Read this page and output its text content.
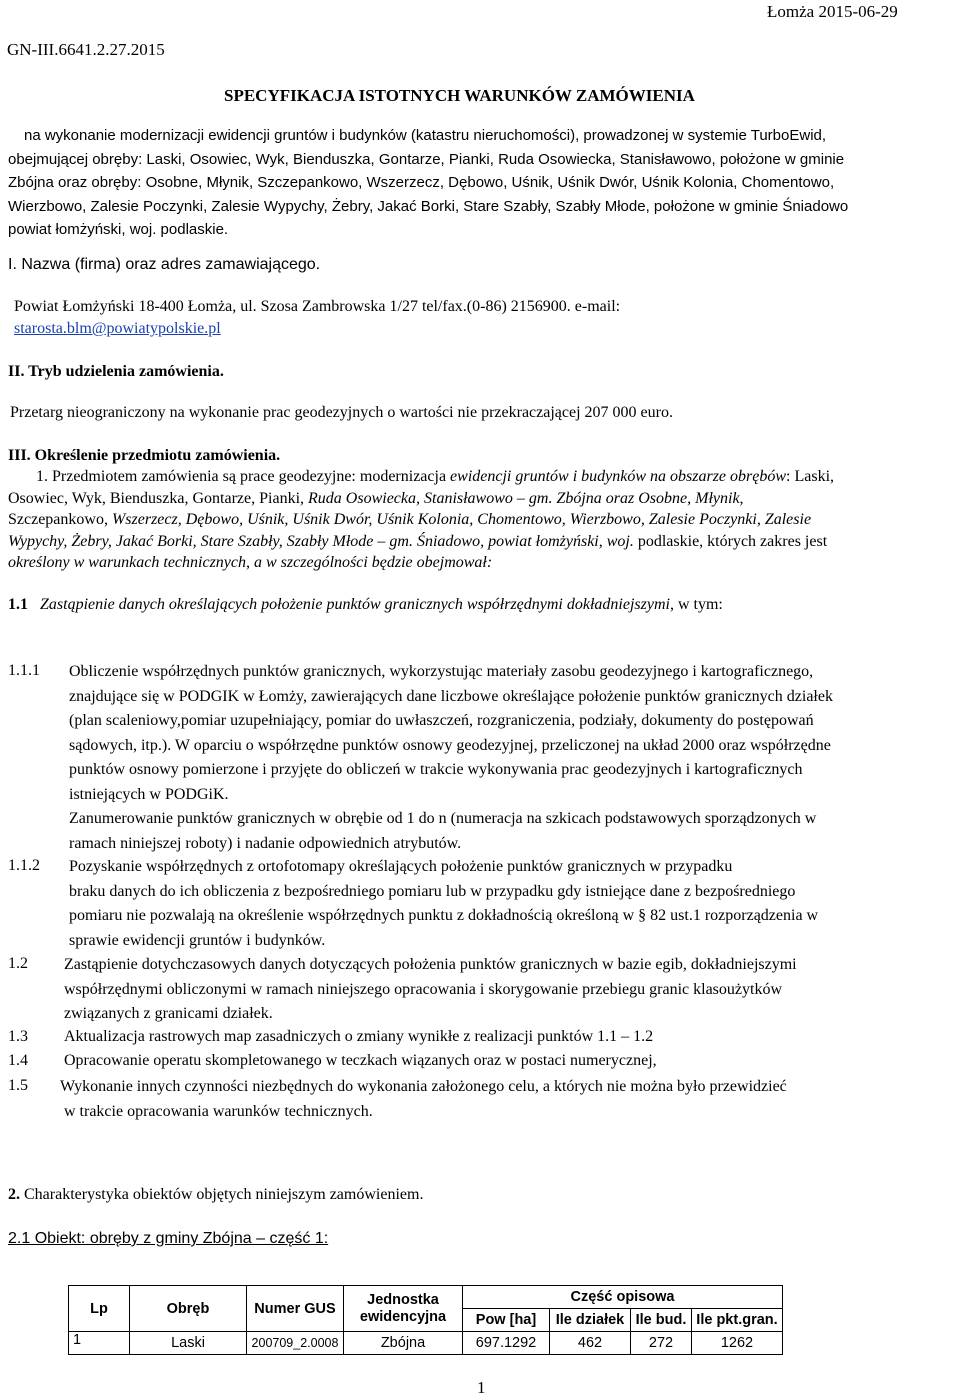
Łomża 2015-06-29
GN-III.6641.2.27.2015
SPECYFIKACJA ISTOTNYCH WARUNKÓW ZAMÓWIENIA
na wykonanie modernizacji ewidencji gruntów i budynków (katastru nieruchomości), prowadzonej w systemie TurboEwid,
obejmującej obręby: Laski, Osowiec, Wyk, Bienduszka, Gontarze, Pianki, Ruda Osowiecka, Stanisławowo, położone w gminie
Zbójna oraz obręby: Osobne, Młynik, Szczepankowo, Wszerzecz, Dębowo, Uśnik, Uśnik Dwór, Uśnik Kolonia, Chomentowo,
Wierzbowo, Zalesie Poczynki, Zalesie Wypychy, Żebry, Jakać Borki, Stare Szabły, Szabły Młode, położone w gminie Śniadowo
powiat łomżyński, woj. podlaskie.
I. Nazwa (firma) oraz adres zamawiającego.
Powiat Łomżyński 18-400 Łomża, ul. Szosa Zambrowska 1/27 tel/fax.(0-86) 2156900. e-mail:
starosta.blm@powiatypolskie.pl
II. Tryb udzielenia zamówienia.
Przetarg nieograniczony na wykonanie prac geodezyjnych o wartości nie przekraczającej 207 000 euro.
III. Określenie przedmiotu zamówienia.
1. Przedmiotem zamówienia są prace geodezyjne: modernizacja ewidencji gruntów i budynków na obszarze obrębów: Laski,
Osowiec, Wyk, Bienduszka, Gontarze, Pianki, Ruda Osowiecka, Stanisławowo – gm. Zbójna oraz Osobne, Młynik,
Szczepankowo, Wszerzecz, Dębowo, Uśnik, Uśnik Dwór, Uśnik Kolonia, Chomentowo, Wierzbowo, Zalesie Poczynki, Zalesie
Wypychy, Żebry, Jakać Borki, Stare Szabły, Szabły Młode – gm. Śniadowo, powiat łomżyński, woj. podlaskie, których zakres jest
określony w warunkach technicznych, a w szczególności będzie obejmował:
1.1 Zastąpienie danych określających położenie punktów granicznych współrzędnymi dokładniejszymi, w tym:
1.1.1 Obliczenie współrzędnych punktów granicznych, wykorzystując materiały zasobu geodezyjnego i kartograficznego,
znajdujące się w PODGIK w Łomży, zawierających dane liczbowe określające położenie punktów granicznych działek
(plan scaleniowy,pomiar uzupełniający, pomiar do uwłaszczeń, rozgraniczenia, podziały, dokumenty do postępowań
sądowych, itp.). W oparciu o współrzędne punktów osnowy geodezyjnej, przeliczonej na układ 2000 oraz współrzędne
punktów osnowy pomierzone i przyjęte do obliczeń w trakcie wykonywania prac geodezyjnych i kartograficznych
istniejących w PODGiK.
Zanumerowanie punktów granicznych w obrębie od 1 do n (numeracja na szkicach podstawowych sporządzonych w
ramach niniejszej roboty) i nadanie odpowiednich atrybutów.
1.1.2 Pozyskanie współrzędnych z ortofotomapy określających położenie punktów granicznych w przypadku
braku danych do ich obliczenia z bezpośredniego pomiaru lub w przypadku gdy istniejące dane z bezpośredniego
pomiaru nie pozwalają na określenie współrzędnych punktu z dokładnością określoną w § 82 ust.1 rozporządzenia w
sprawie ewidencji gruntów i budynków.
1.2 Zastąpienie dotychczasowych danych dotyczących położenia punktów granicznych w bazie egib, dokładniejszymi
współrzędnymi obliczonymi w ramach niniejszego opracowania i skorygowanie przebiegu granic klasoużytków
związanych z granicami działek.
1.3 Aktualizacja rastrowych map zasadniczych o zmiany wynikłe z realizacji punktów 1.1 – 1.2
1.4 Opracowanie operatu skompletowanego w teczkach wiązanych oraz w postaci numerycznej,
1.5 Wykonanie innych czynności niezbędnych do wykonania założonego celu, a których nie można było przewidzieć
w trakcie opracowania warunków technicznych.
2. Charakterystyka obiektów objętych niniejszym zamówieniem.
2.1 Obiekt: obręby z gminy Zbójna – część 1:
Lp	Obręb	Numer GUS	Jednostka ewidencyjna	Część opisowa			
				Pow [ha]	Ile działek	Ile bud.	Ile pkt.gran.
1	Laski	200709_2.0008	Zbójna	697.1292	462	272	1262
1
